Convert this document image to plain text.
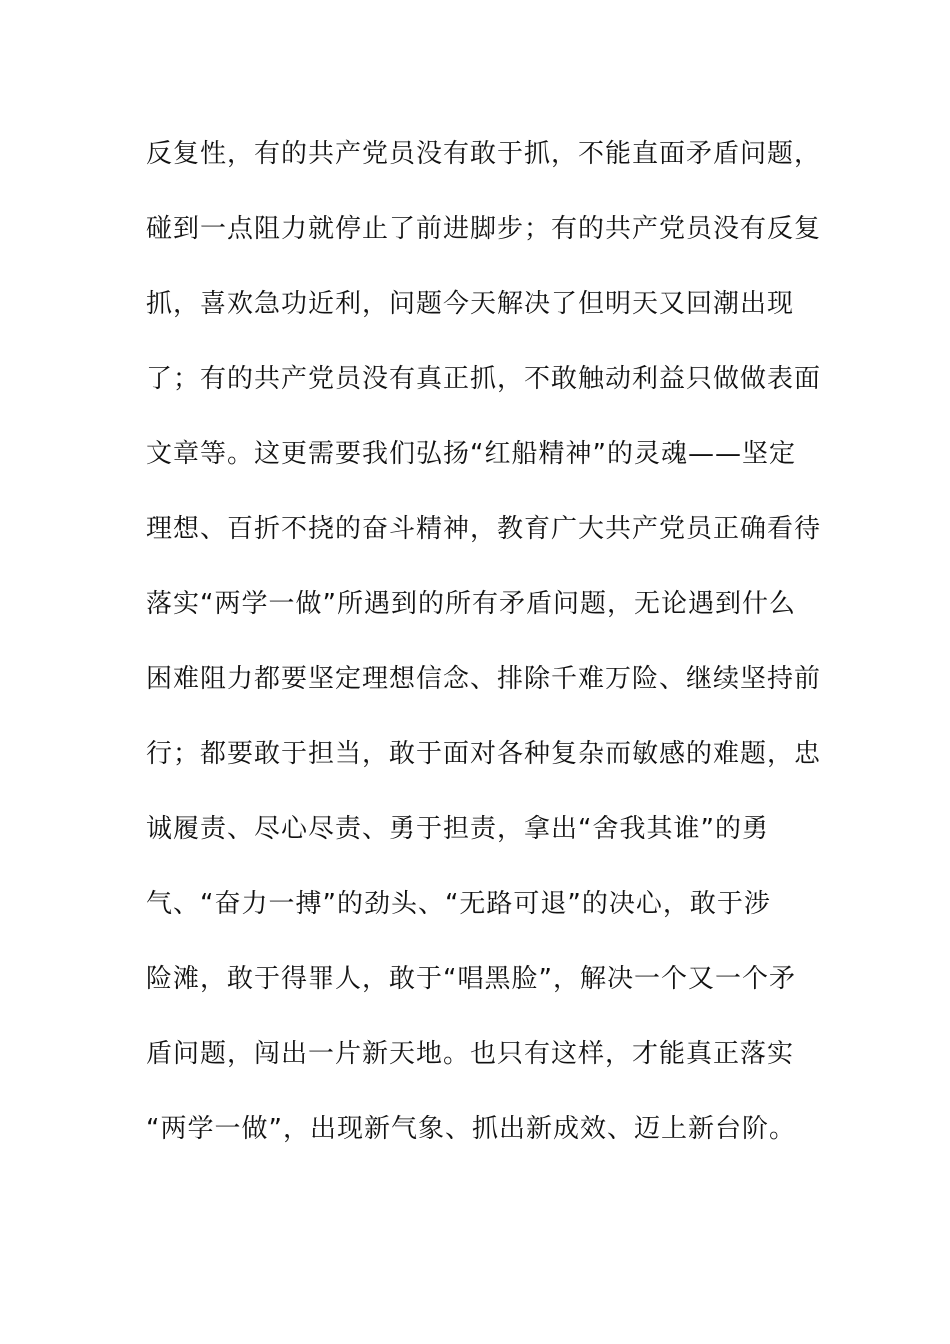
反复性，有的共产党员没有敢于抓，不能直面矛盾问题，
碰到一点阻力就停止了前进脚步；有的共产党员没有反复
抓，喜欢急功近利，问题今天解决了但明天又回潮出现
了；有的共产党员没有真正抓，不敢触动利益只做做表面
文章等。这更需要我们弘扬“红船精神”的灵魂——坚定
理想、百折不挠的奋斗精神，教育广大共产党员正确看待
落实“两学一做”所遇到的所有矛盾问题，无论遇到什么
困难阻力都要坚定理想信念、排除千难万险、继续坚持前
行；都要敢于担当，敢于面对各种复杂而敏感的难题，忠
诚履责、尽心尽责、勇于担责，拿出“舍我其谁”的勇
气、“奋力一搏”的劲头、“无路可退”的决心，敢于涉
险滩，敢于得罪人，敢于“唱黑脸”，解决一个又一个矛
盾问题，闯出一片新天地。也只有这样，才能真正落实
“两学一做”，出现新气象、抓出新成效、迈上新台阶。
